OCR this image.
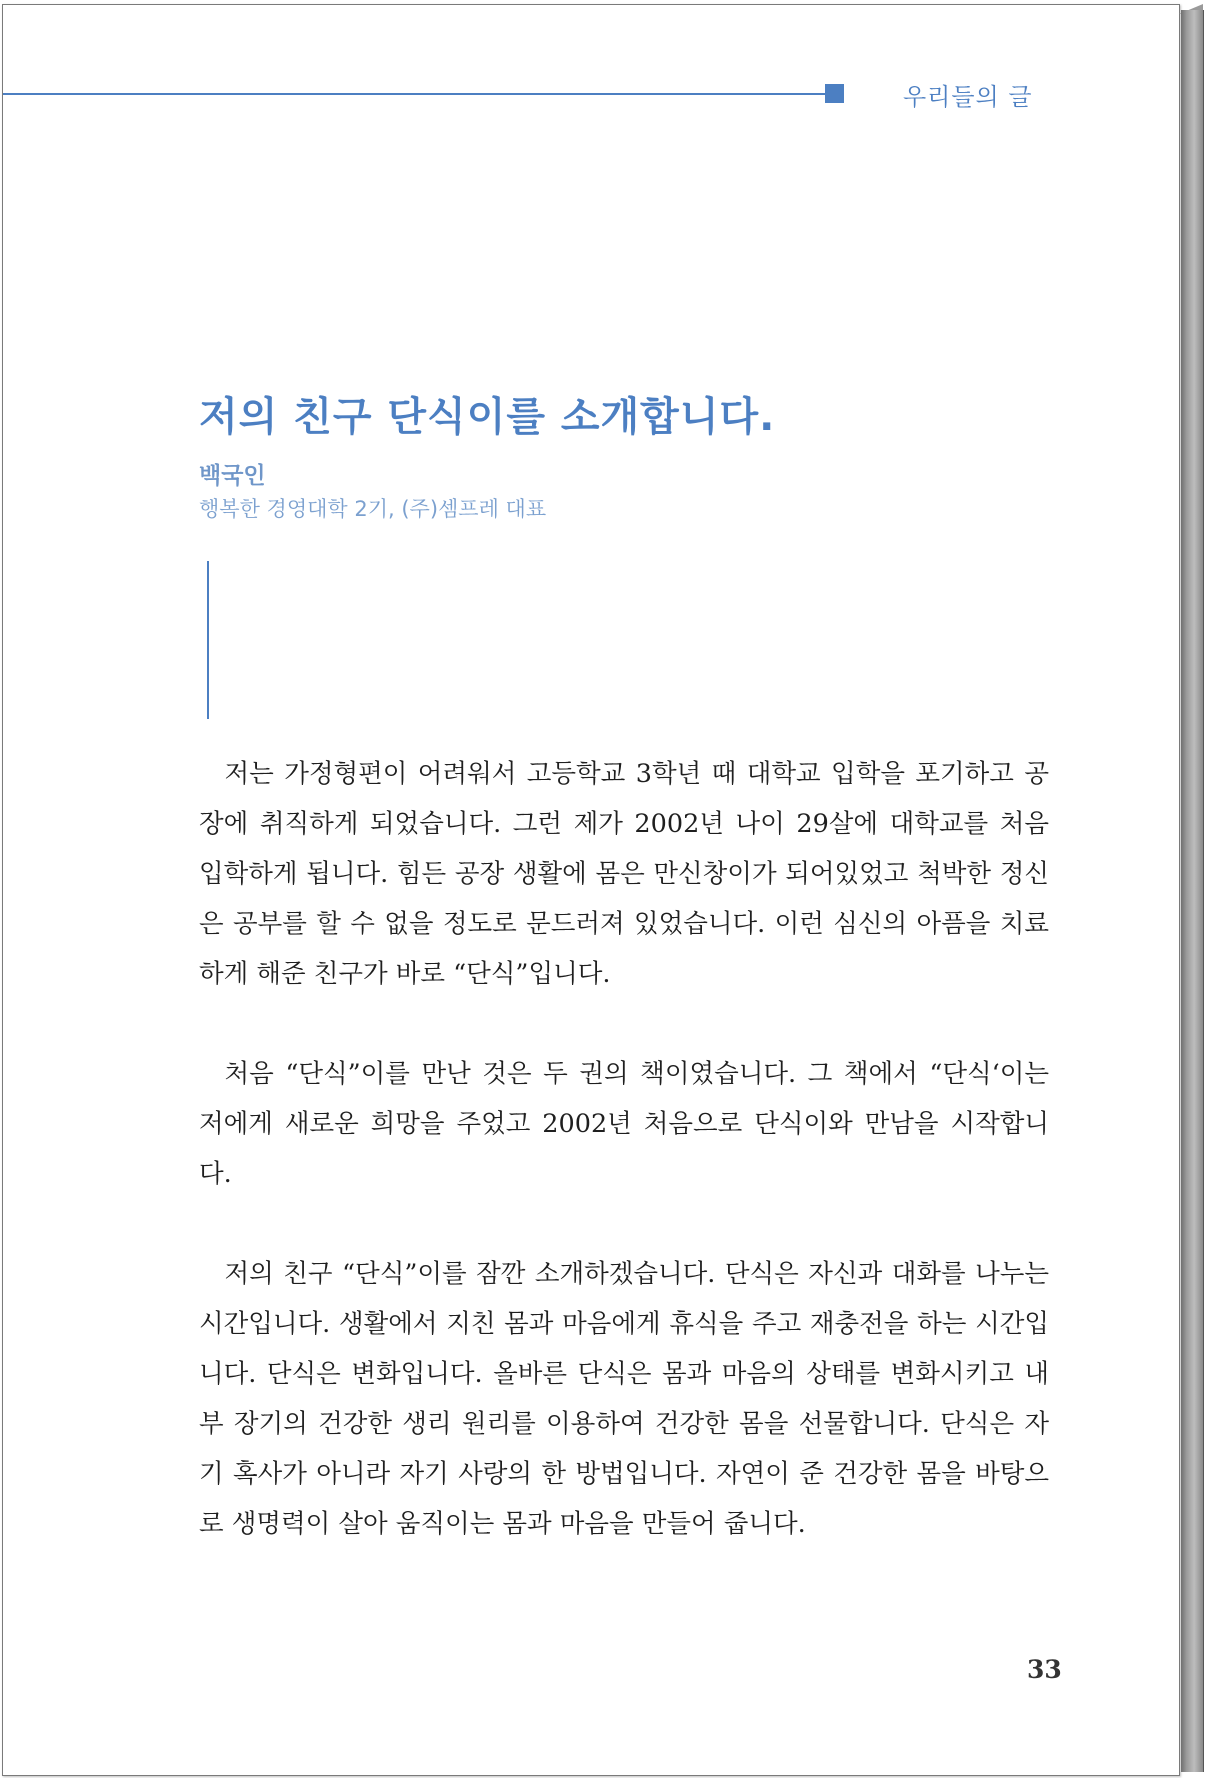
우리들의 글
저의 친구 단식이를 소개합니다.
백국인
행복한 경영대학 2기, (주)셈프레 대표

저는 가정형편이 어려워서 고등학교 3학년 때 대학교 입학을 포기하고 공장에 취직하게 되었습니다. 그런 제가 2002년 나이 29살에 대학교를 처음 입학하게 됩니다. 힘든 공장 생활에 몸은 만신창이가 되어있었고 척박한 정신은 공부를 할 수 없을 정도로 문드러져 있었습니다. 이런 심신의 아픔을 치료하게 해준 친구가 바로 “단식”입니다.

처음 “단식”이를 만난 것은 두 권의 책이였습니다. 그 책에서 “단식‘이는 저에게 새로운 희망을 주었고 2002년 처음으로 단식이와 만남을 시작합니다.

저의 친구 “단식”이를 잠깐 소개하겠습니다. 단식은 자신과 대화를 나누는 시간입니다. 생활에서 지친 몸과 마음에게 휴식을 주고 재충전을 하는 시간입니다. 단식은 변화입니다. 올바른 단식은 몸과 마음의 상태를 변화시키고 내부 장기의 건강한 생리 원리를 이용하여 건강한 몸을 선물합니다. 단식은 자기 혹사가 아니라 자기 사랑의 한 방법입니다. 자연이 준 건강한 몸을 바탕으로 생명력이 살아 움직이는 몸과 마음을 만들어 줍니다.

33
